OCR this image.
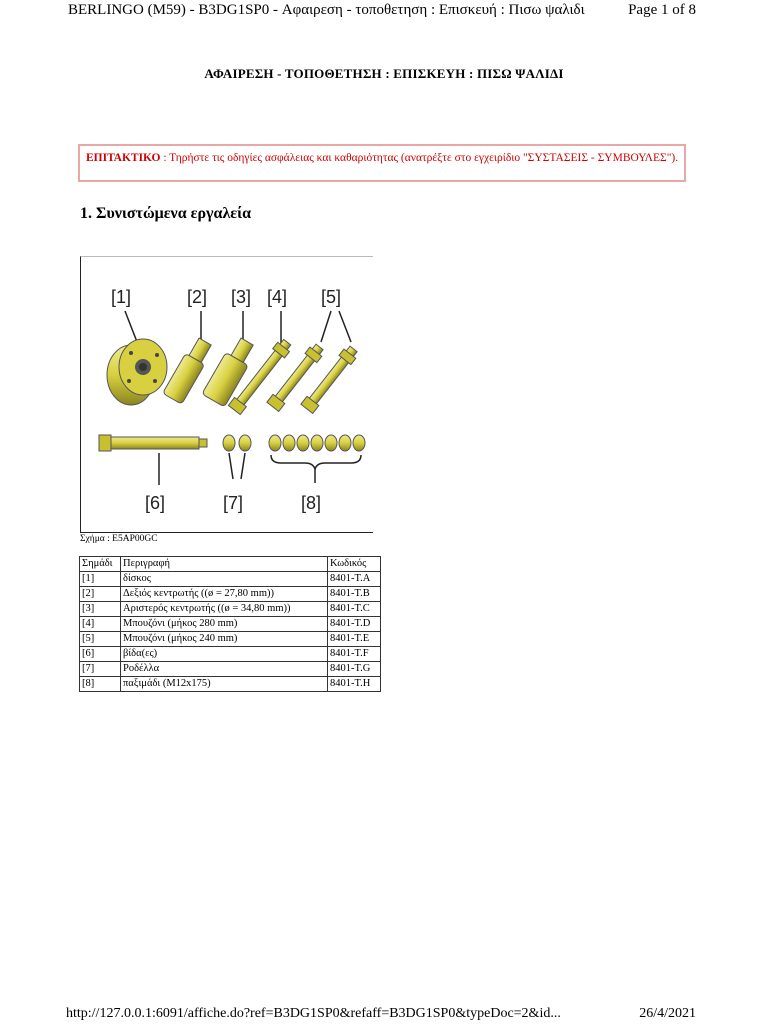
BERLINGO (M59) - B3DG1SP0 - Αφαιρεση - τοποθετηση : Επισκευή : Πισω ψαλιδι	Page 1 of 8
ΑΦΑΙΡΕΣΗ - ΤΟΠΟΘΕΤΗΣΗ : ΕΠΙΣΚΕΥΗ : ΠΙΣΩ ΨΑΛΙΔΙ
ΕΠΙΤΑΚΤΙΚΟ : Τηρήστε τις οδηγίες ασφάλειας και καθαριότητας (ανατρέξτε στο εγχειρίδιο "ΣΥΣΤΑΣΕΙΣ - ΣΥΜΒΟΥΛΕΣ").
1. Συνιστώμενα εργαλεία
[1]	[2] [3] [4] [5]
[6]	[7]	[8]
Σχήμα : E5AP00GC
Σημάδι	Περιγραφή	Κωδικός
[1]	δίσκος	8401-T.A
[2]	Δεξιός κεντρωτής ((ø = 27,80 mm))	8401-T.B
[3]	Αριστερός κεντρωτής ((ø = 34,80 mm))	8401-T.C
[4]	Μπουζόνι (μήκος 280 mm)	8401-T.D
[5]	Μπουζόνι (μήκος 240 mm)	8401-T.E
[6]	βίδα(ες)	8401-T.F
[7]	Ροδέλλα	8401-T.G
[8]	παξιμάδι (M12x175)	8401-T.H
http://127.0.0.1:6091/affiche.do?ref=B3DG1SP0&refaff=B3DG1SP0&typeDoc=2&id...	26/4/2021
